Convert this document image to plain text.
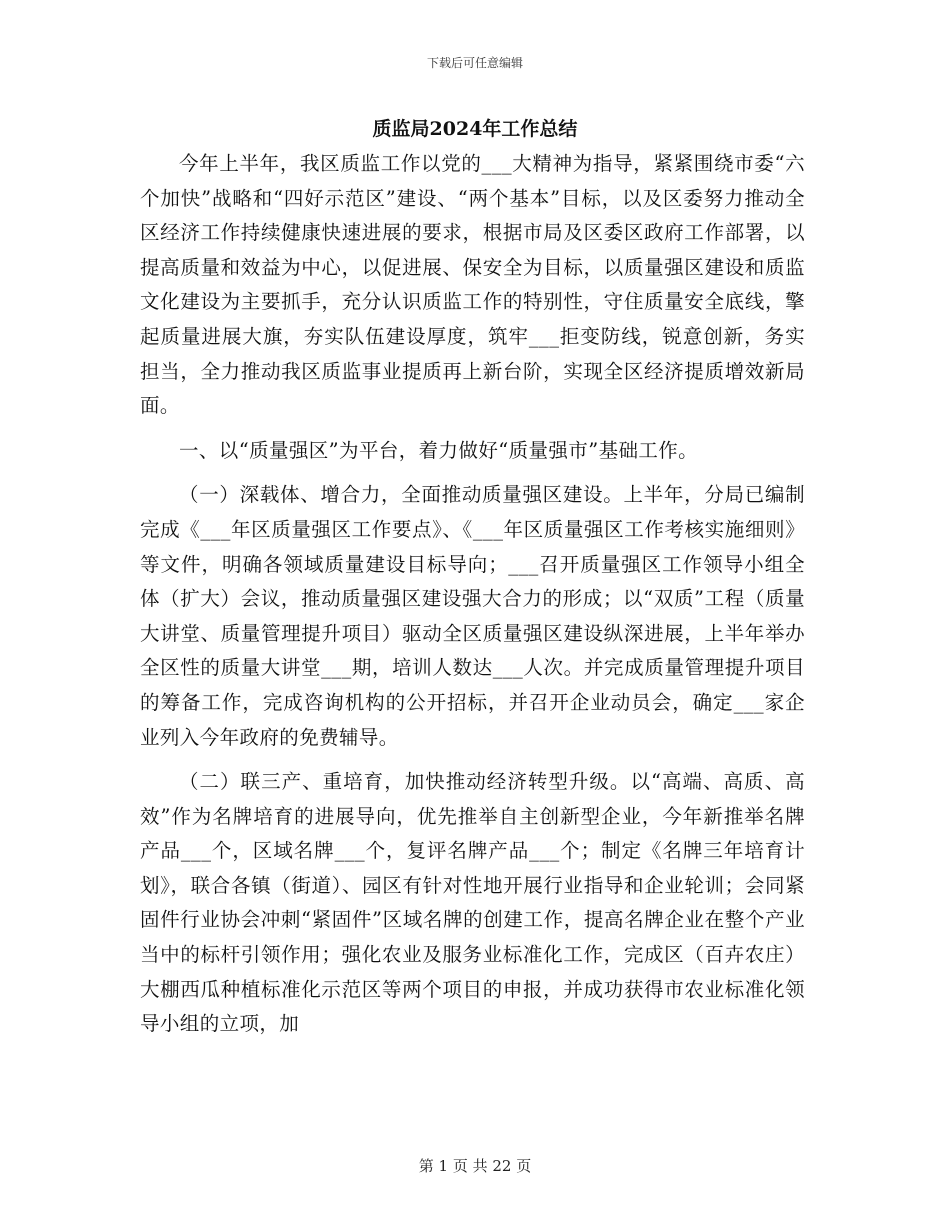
下载后可任意编辑
质监局2024年工作总结

今年上半年，我区质监工作以党的___大精神为指导，紧紧围绕市委“六个加快”战略和“四好示范区”建设、“两个基本”目标，以及区委努力推动全区经济工作持续健康快速进展的要求，根据市局及区委区政府工作部署，以提高质量和效益为中心，以促进展、保安全为目标，以质量强区建设和质监文化建设为主要抓手，充分认识质监工作的特别性，守住质量安全底线，擎起质量进展大旗，夯实队伍建设厚度，筑牢___拒变防线，锐意创新，务实担当，全力推动我区质监事业提质再上新台阶，实现全区经济提质增效新局面。

一、以“质量强区”为平台，着力做好“质量强市”基础工作。

（一）深载体、增合力，全面推动质量强区建设。上半年，分局已编制完成《___年区质量强区工作要点》、《___年区质量强区工作考核实施细则》等文件，明确各领域质量建设目标导向；___召开质量强区工作领导小组全体（扩大）会议，推动质量强区建设强大合力的形成；以“双质”工程（质量大讲堂、质量管理提升项目）驱动全区质量强区建设纵深进展，上半年举办全区性的质量大讲堂___期，培训人数达___人次。并完成质量管理提升项目的筹备工作，完成咨询机构的公开招标，并召开企业动员会，确定___家企业列入今年政府的免费辅导。

（二）联三产、重培育，加快推动经济转型升级。以“高端、高质、高效”作为名牌培育的进展导向，优先推举自主创新型企业，今年新推举名牌产品___个，区域名牌___个，复评名牌产品___个；制定《名牌三年培育计划》，联合各镇（街道）、园区有针对性地开展行业指导和企业轮训；会同紧固件行业协会冲刺“紧固件”区域名牌的创建工作，提高名牌企业在整个产业当中的标杆引领作用；强化农业及服务业标准化工作，完成区（百卉农庄）大棚西瓜种植标准化示范区等两个项目的申报，并成功获得市农业标准化领导小组的立项，加

第 1 页 共 22 页
